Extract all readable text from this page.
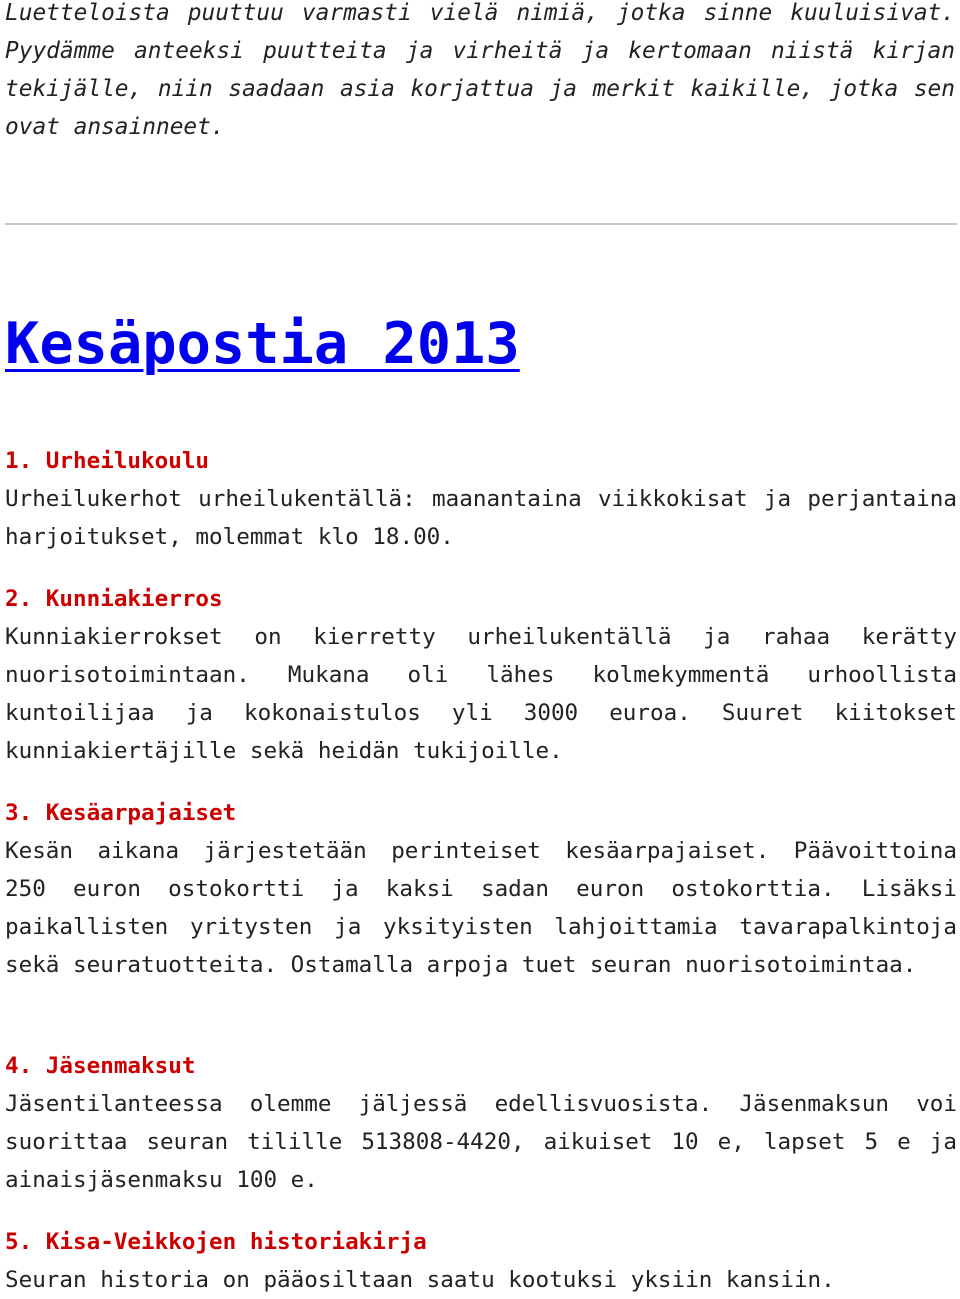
Luetteloista puuttuu varmasti vielä nimiä, jotka sinne kuuluisivat. Pyydämme anteeksi puutteita ja virheitä ja kertomaan niistä kirjan tekijälle, niin saadaan asia korjattua ja merkit kaikille, jotka sen ovat ansainneet.

Kesäpostia 2013

1. Urheilukoulu

Urheilukerhot urheilukentällä: maanantaina viikkokisat ja perjantaina harjoitukset, molemmat klo 18.00.

2. Kunniakierros

Kunniakierrokset on kierretty urheilukentällä ja rahaa kerätty nuorisotoimintaan. Mukana oli lähes kolmekymmentä urhoollista kuntoilijaa ja kokonaistulos yli 3000 euroa. Suuret kiitokset kunniakiertäjille sekä heidän tukijoille.

3. Kesäarpajaiset

Kesän aikana järjestetään perinteiset kesäarpajaiset. Päävoittoina 250 euron ostokortti ja kaksi sadan euron ostokorttia. Lisäksi paikallisten yritysten ja yksityisten lahjoittamia tavarapalkintoja sekä seuratuotteita. Ostamalla arpoja tuet seuran nuorisotoimintaa.

4. Jäsenmaksut

Jäsentilanteessa olemme jäljessä edellisvuosista. Jäsenmaksun voi suorittaa seuran tilille 513808-4420, aikuiset 10 e, lapset 5 e ja ainaisjäsenmaksu 100 e.

5. Kisa-Veikkojen historiakirja

Seuran historia on pääosiltaan saatu kootuksi yksiin kansiin.
